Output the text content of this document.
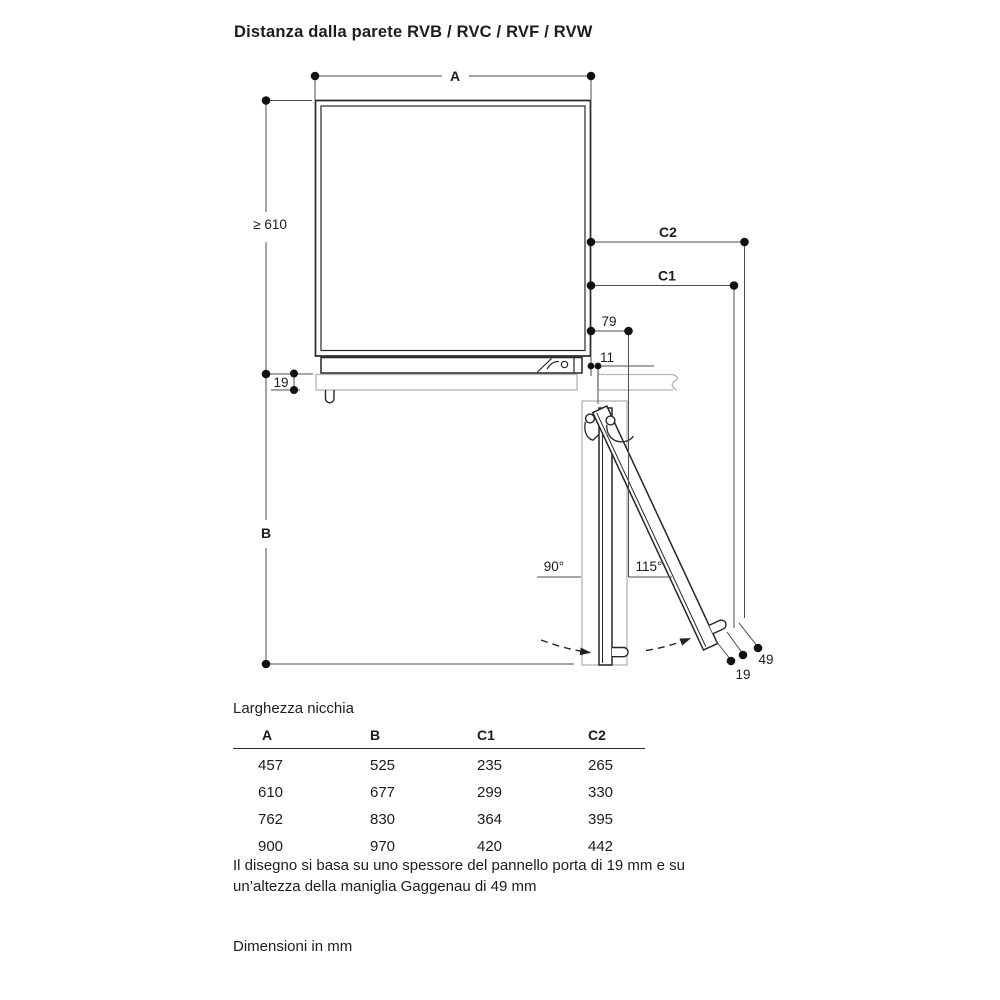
Distanza dalla parete RVB / RVC / RVF / RVW
A
≥ 610
19
B
C2
C1
79
11
90°	115°
19
49
Larghezza nicchia
A	B	C1	C2
457	525	235	265
610	677	299	330
762	830	364	395
900	970	420	442

Il disegno si basa su uno spessore del pannello porta di 19 mm e su un’altezza della maniglia Gaggenau di 49 mm

Dimensioni in mm
